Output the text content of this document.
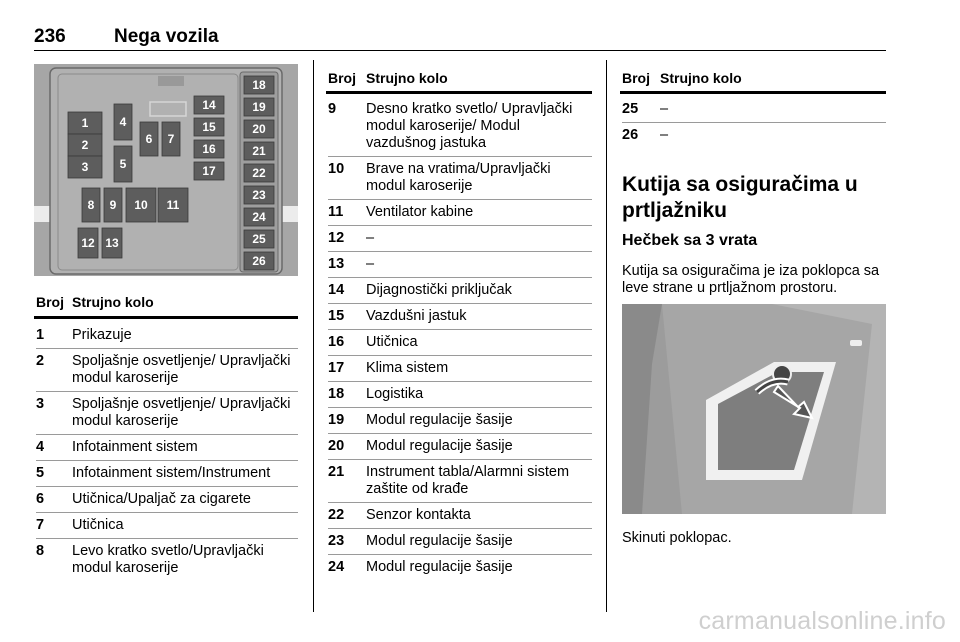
236	Nega vozila
1
2
3
4
5
6 7
8 9 10 11
12 13
14
15
16
17
18
19
20
21
22
23
24
25
26
Broj Strujno kolo
1	Prikazuje
2	Spoljašnje osvetljenje/ Upravljački modul karoserije
3	Spoljašnje osvetljenje/ Upravljački modul karoserije
4	Infotainment sistem
5	Infotainment sistem/Instrument
6	Utičnica/Upaljač za cigarete
7	Utičnica
8	Levo kratko svetlo/Upravljački modul karoserije
Broj Strujno kolo
9	Desno kratko svetlo/ Upravljački modul karoserije/ Modul vazdušnog jastuka
10	Brave na vratima/Upravljački modul karoserije
11	Ventilator kabine
12	–
13	–
14	Dijagnostički priključak
15	Vazdušni jastuk
16	Utičnica
17	Klima sistem
18	Logistika
19	Modul regulacije šasije
20	Modul regulacije šasije
21	Instrument tabla/Alarmni sistem zaštite od krađe
22	Senzor kontakta
23	Modul regulacije šasije
24	Modul regulacije šasije
Broj Strujno kolo
25	–
26	–
Kutija sa osiguračima u prtljažniku
Hečbek sa 3 vrata
Kutija sa osiguračima je iza poklopca sa leve strane u prtljažnom prostoru.
Skinuti poklopac.
carmanualsonline.info
